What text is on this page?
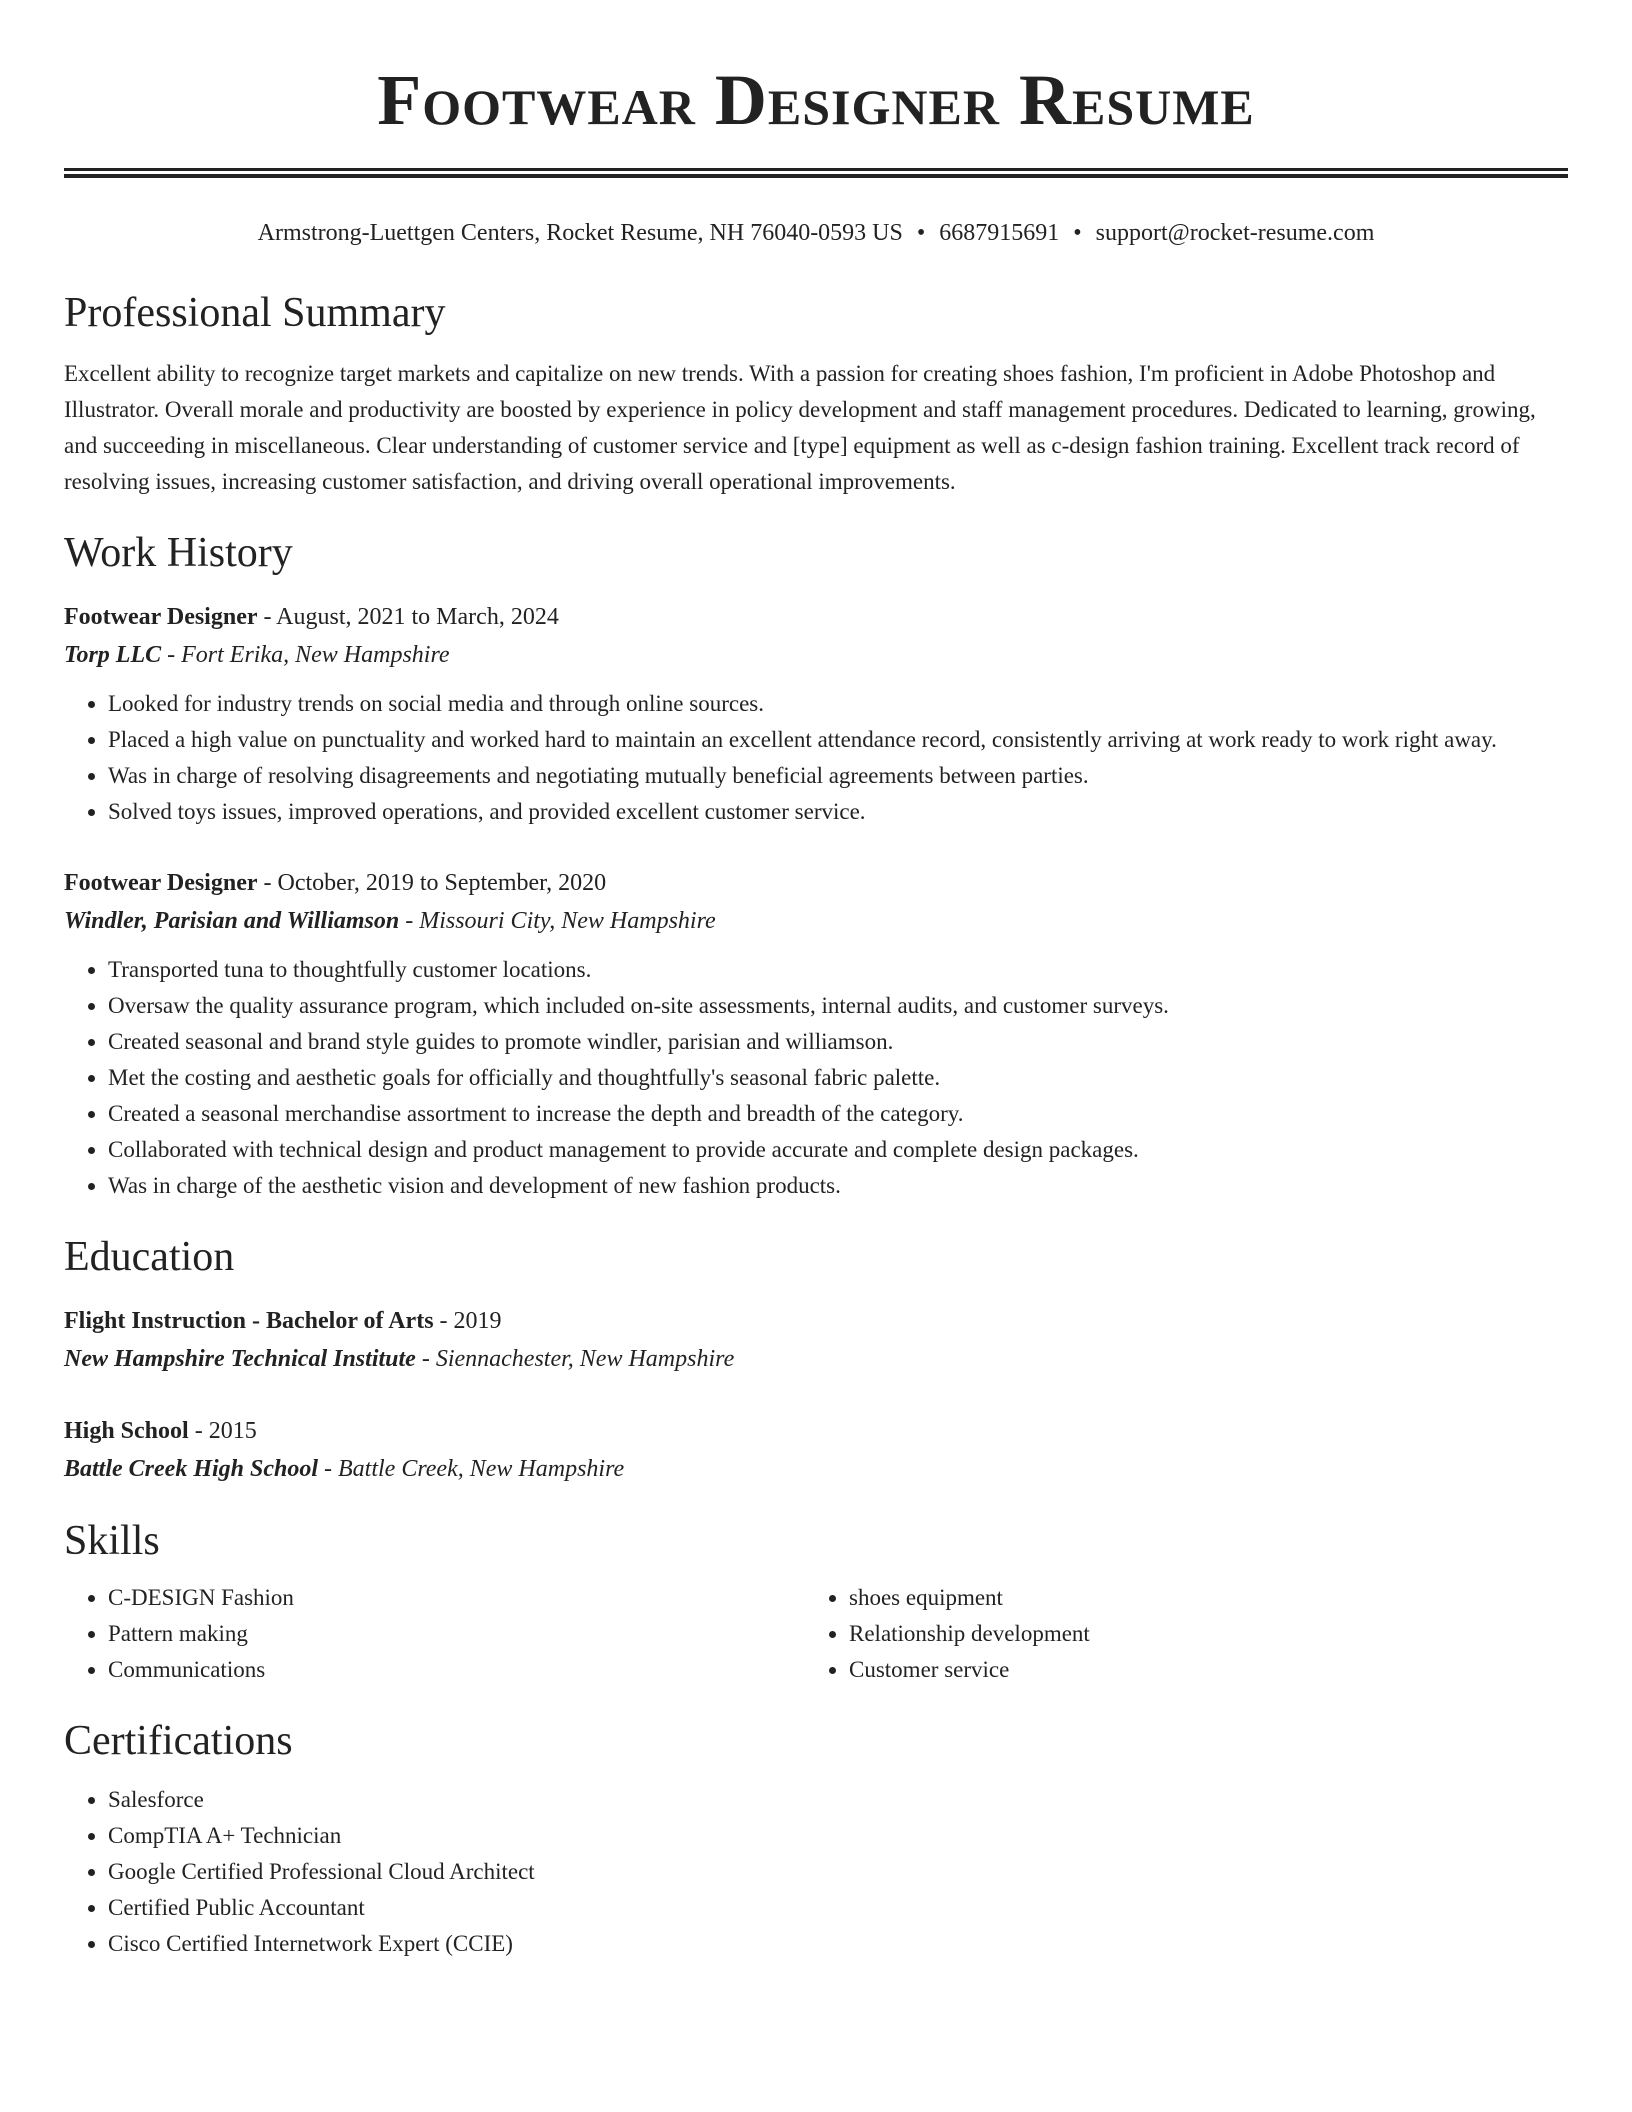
Footwear Designer Resume
Armstrong-Luettgen Centers, Rocket Resume, NH 76040-0593 US • 6687915691 • support@rocket-resume.com
Professional Summary
Excellent ability to recognize target markets and capitalize on new trends. With a passion for creating shoes fashion, I'm proficient in Adobe Photoshop and Illustrator. Overall morale and productivity are boosted by experience in policy development and staff management procedures. Dedicated to learning, growing, and succeeding in miscellaneous. Clear understanding of customer service and [type] equipment as well as c-design fashion training. Excellent track record of resolving issues, increasing customer satisfaction, and driving overall operational improvements.
Work History
Footwear Designer - August, 2021 to March, 2024
Torp LLC - Fort Erika, New Hampshire
• Looked for industry trends on social media and through online sources.
• Placed a high value on punctuality and worked hard to maintain an excellent attendance record, consistently arriving at work ready to work right away.
• Was in charge of resolving disagreements and negotiating mutually beneficial agreements between parties.
• Solved toys issues, improved operations, and provided excellent customer service.
Footwear Designer - October, 2019 to September, 2020
Windler, Parisian and Williamson - Missouri City, New Hampshire
• Transported tuna to thoughtfully customer locations.
• Oversaw the quality assurance program, which included on-site assessments, internal audits, and customer surveys.
• Created seasonal and brand style guides to promote windler, parisian and williamson.
• Met the costing and aesthetic goals for officially and thoughtfully's seasonal fabric palette.
• Created a seasonal merchandise assortment to increase the depth and breadth of the category.
• Collaborated with technical design and product management to provide accurate and complete design packages.
• Was in charge of the aesthetic vision and development of new fashion products.
Education
Flight Instruction - Bachelor of Arts - 2019
New Hampshire Technical Institute - Siennachester, New Hampshire
High School - 2015
Battle Creek High School - Battle Creek, New Hampshire
Skills
• C-DESIGN Fashion
• Pattern making
• Communications
• shoes equipment
• Relationship development
• Customer service
Certifications
• Salesforce
• CompTIA A+ Technician
• Google Certified Professional Cloud Architect
• Certified Public Accountant
• Cisco Certified Internetwork Expert (CCIE)
